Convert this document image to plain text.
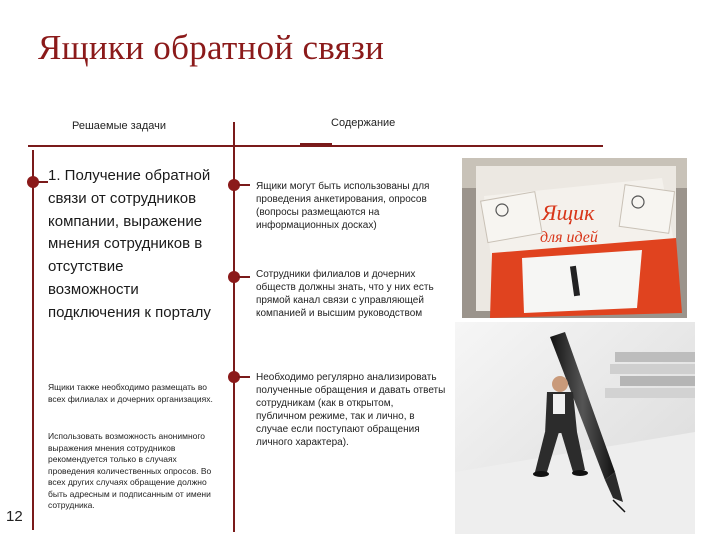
Ящики обратной связи
Решаемые задачи	Содержание
1. Получение обратной связи от сотрудников компании, выражение мнения сотрудников в отсутствие возможности подключения к порталу
Ящики также необходимо размещать во всех филиалах и дочерних организациях.
Использовать возможность анонимного выражения мнения сотрудников рекомендуется только в случаях проведения количественных опросов. Во всех других случаях обращение должно быть адресным и подписанным от имени сотрудника.
Ящики могут быть использованы для проведения анкетирования, опросов (вопросы размещаются на информационных досках)
Сотрудники филиалов и дочерних обществ должны знать, что у них есть прямой канал связи с управляющей компанией и высшим руководством
Необходимо регулярно анализировать полученные обращения и давать ответы сотрудникам (как в открытом, публичном режиме, так и лично, в случае если поступают обращения личного характера).
Ящик
для идей
12
